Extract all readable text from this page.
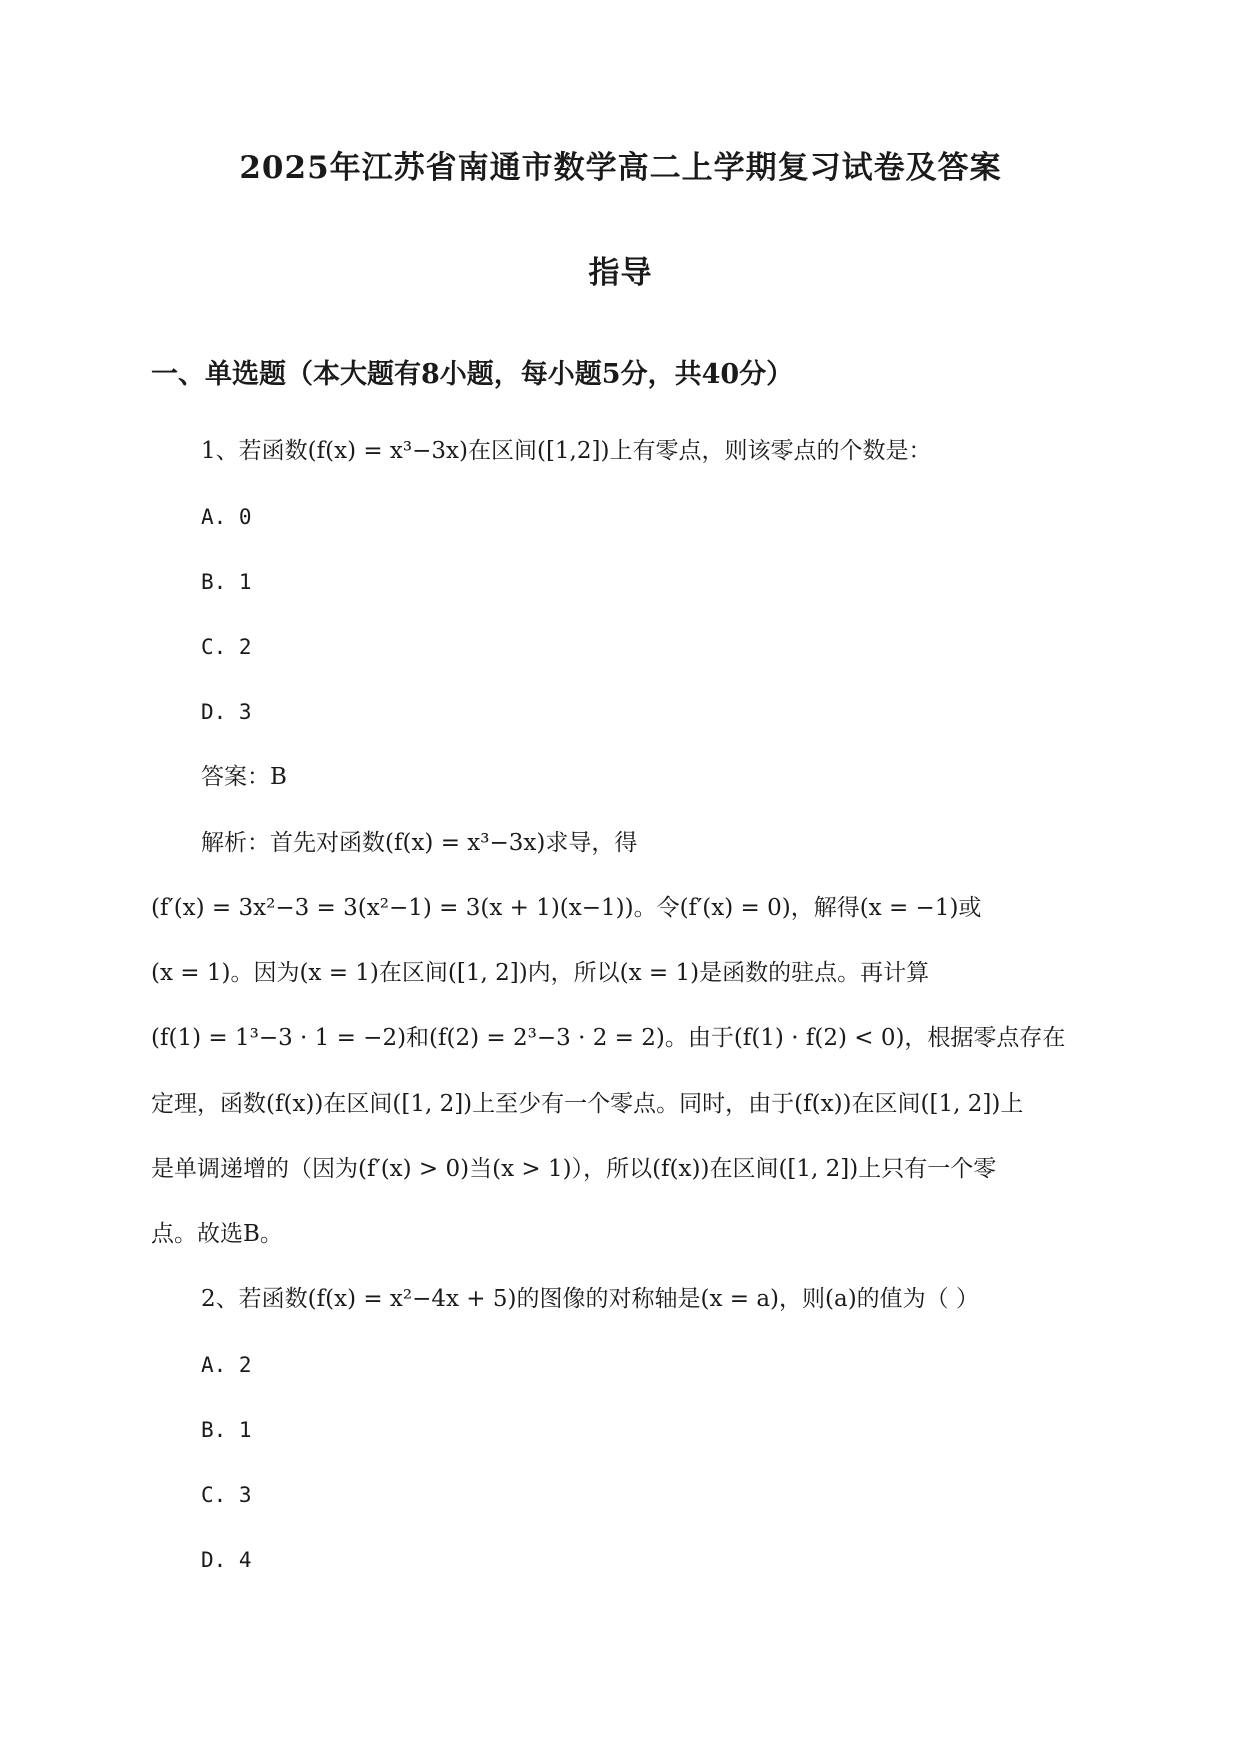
2025年江苏省南通市数学高二上学期复习试卷及答案
指导
一、单选题（本大题有8小题，每小题5分，共40分）
1、若函数(f(x) = x³−3x)在区间([1,2])上有零点，则该零点的个数是：
A. 0
B. 1
C. 2
D. 3
答案：B
解析：首先对函数(f(x) = x³−3x)求导，得
(f′(x) = 3x²−3 = 3(x²−1) = 3(x + 1)(x−1))。令(f′(x) = 0)，解得(x = −1)或
(x = 1)。因为(x = 1)在区间([1, 2])内，所以(x = 1)是函数的驻点。再计算
(f(1) = 1³−3 · 1 = −2)和(f(2) = 2³−3 · 2 = 2)。由于(f(1) · f(2) < 0)，根据零点存在
定理，函数(f(x))在区间([1, 2])上至少有一个零点。同时，由于(f(x))在区间([1, 2])上
是单调递增的（因为(f′(x) > 0)当(x > 1)），所以(f(x))在区间([1, 2])上只有一个零
点。故选B。
2、若函数(f(x) = x²−4x + 5)的图像的对称轴是(x = a)，则(a)的值为（ ）
A. 2
B. 1
C. 3
D. 4
